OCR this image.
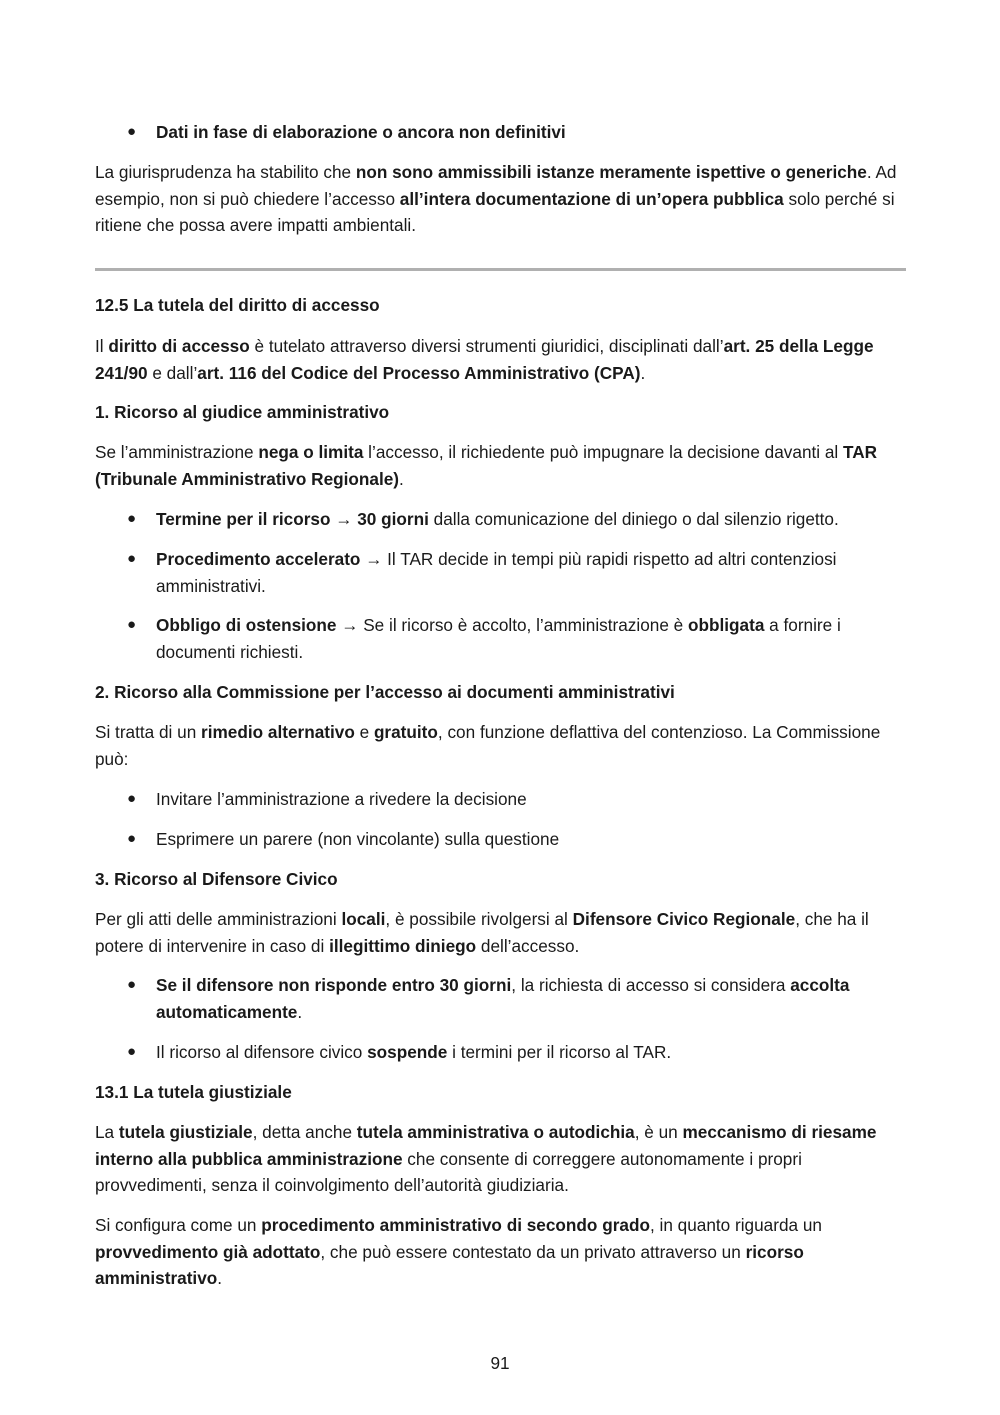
● Dati in fase di elaborazione o ancora non definitivi

La giurisprudenza ha stabilito che non sono ammissibili istanze meramente ispettive o generiche. Ad esempio, non si può chiedere l’accesso all’intera documentazione di un’opera pubblica solo perché si ritiene che possa avere impatti ambientali.

12.5 La tutela del diritto di accesso

Il diritto di accesso è tutelato attraverso diversi strumenti giuridici, disciplinati dall’art. 25 della Legge 241/90 e dall’art. 116 del Codice del Processo Amministrativo (CPA).

1. Ricorso al giudice amministrativo

Se l’amministrazione nega o limita l’accesso, il richiedente può impugnare la decisione davanti al TAR (Tribunale Amministrativo Regionale).

● Termine per il ricorso → 30 giorni dalla comunicazione del diniego o dal silenzio rigetto.

● Procedimento accelerato → Il TAR decide in tempi più rapidi rispetto ad altri contenziosi amministrativi.

● Obbligo di ostensione → Se il ricorso è accolto, l’amministrazione è obbligata a fornire i documenti richiesti.

2. Ricorso alla Commissione per l’accesso ai documenti amministrativi

Si tratta di un rimedio alternativo e gratuito, con funzione deflattiva del contenzioso. La Commissione può:

● Invitare l’amministrazione a rivedere la decisione

● Esprimere un parere (non vincolante) sulla questione

3. Ricorso al Difensore Civico

Per gli atti delle amministrazioni locali, è possibile rivolgersi al Difensore Civico Regionale, che ha il potere di intervenire in caso di illegittimo diniego dell’accesso.

● Se il difensore non risponde entro 30 giorni, la richiesta di accesso si considera accolta automaticamente.

● Il ricorso al difensore civico sospende i termini per il ricorso al TAR.

13.1 La tutela giustiziale

La tutela giustiziale, detta anche tutela amministrativa o autodichia, è un meccanismo di riesame interno alla pubblica amministrazione che consente di correggere autonomamente i propri provvedimenti, senza il coinvolgimento dell’autorità giudiziaria.

Si configura come un procedimento amministrativo di secondo grado, in quanto riguarda un provvedimento già adottato, che può essere contestato da un privato attraverso un ricorso amministrativo.

91
